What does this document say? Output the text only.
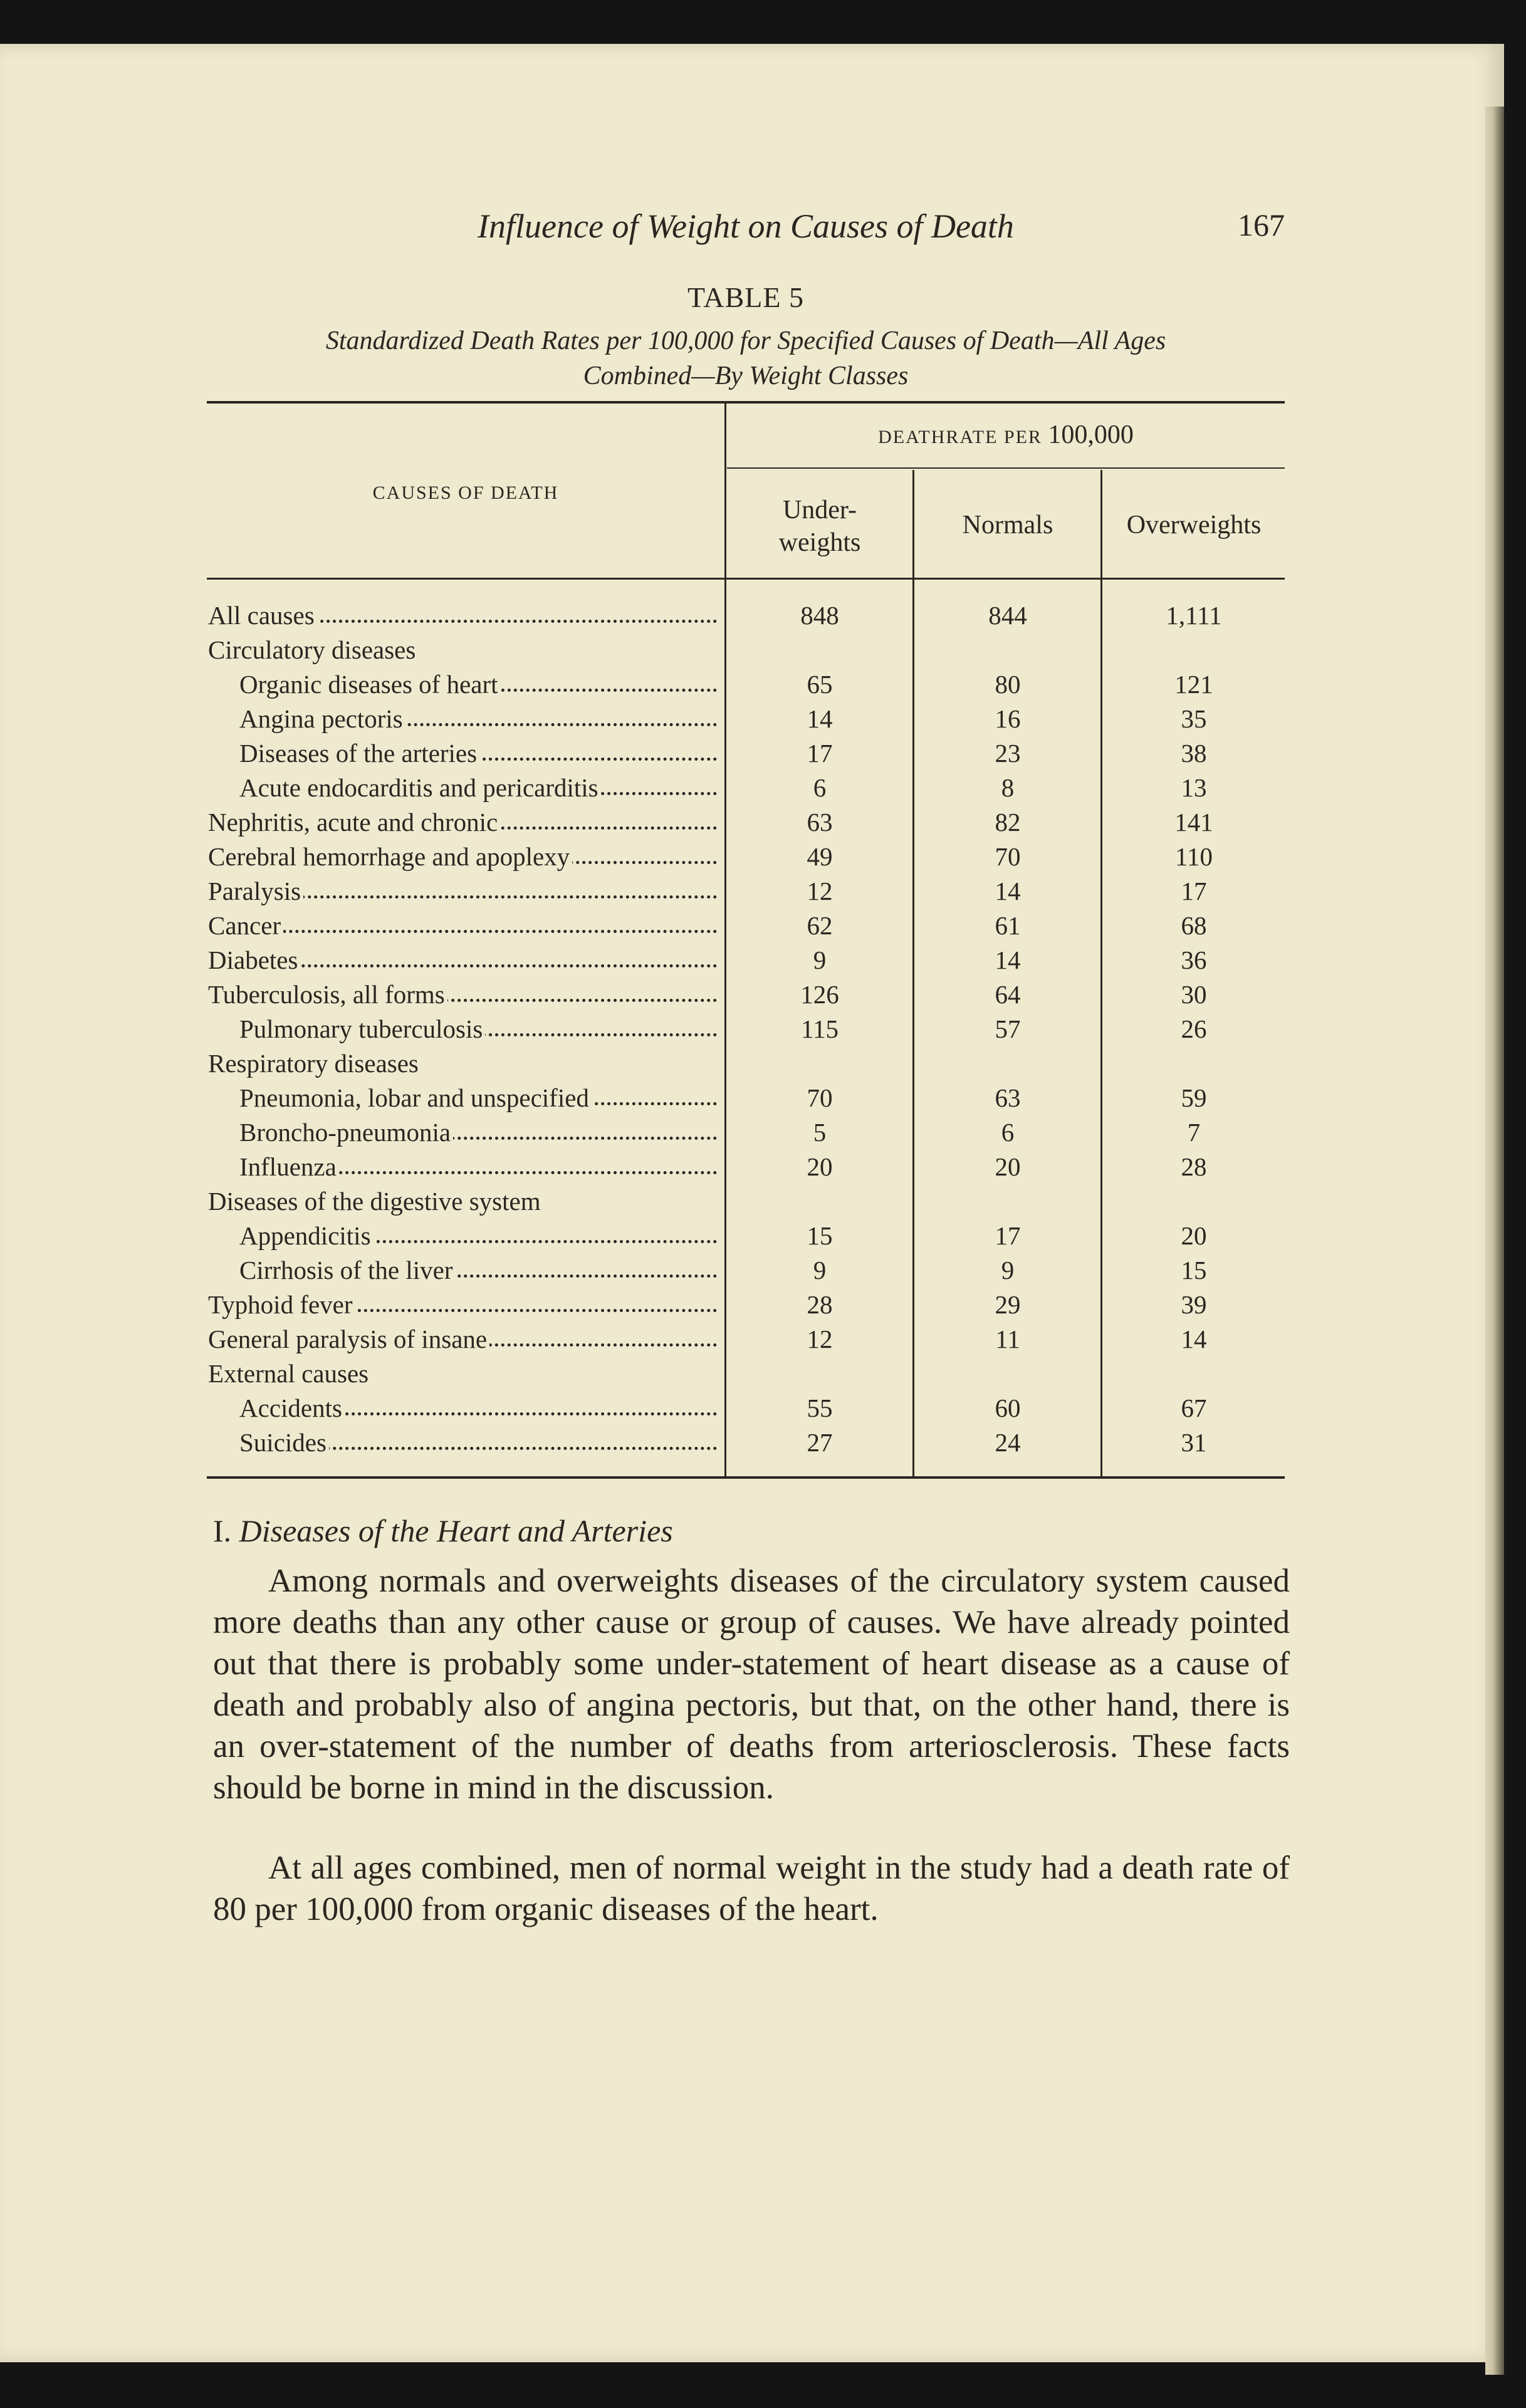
Influence of Weight on Causes of Death	167
TABLE 5
Standardized Death Rates per 100,000 for Specified Causes of Death—All Ages
Combined—By Weight Classes
CAUSES OF DEATH
DEATHRATE PER 100,000
Under-
weights
Normals	Overweights
All causes	848	844	1,111
Circulatory diseases
Organic diseases of heart	65	80	121
Angina pectoris	14	16	35
Diseases of the arteries	17	23	38
Acute endocarditis and pericarditis	6	8	13
Nephritis, acute and chronic	63	82	141
Cerebral hemorrhage and apoplexy	49	70	110
Paralysis	12	14	17
Cancer	62	61	68
Diabetes	9	14	36
Tuberculosis, all forms	126	64	30
Pulmonary tuberculosis	115	57	26
Respiratory diseases
Pneumonia, lobar and unspecified	70	63	59
Broncho-pneumonia	5	6	7
Influenza	20	20	28
Diseases of the digestive system
Appendicitis	15	17	20
Cirrhosis of the liver	9	9	15
Typhoid fever	28	29	39
General paralysis of insane	12	11	14
External causes
Accidents	55	60	67
Suicides	27	24	31
I. Diseases of the Heart and Arteries
Among normals and overweights diseases of the circulatory system caused more deaths than any other cause or group of causes. We have already pointed out that there is probably some under-statement of heart disease as a cause of death and probably also of angina pectoris, but that, on the other hand, there is an over-statement of the number of deaths from arteriosclerosis. These facts should be borne in mind in the discussion.
At all ages combined, men of normal weight in the study had a death rate of 80 per 100,000 from organic diseases of the heart.
